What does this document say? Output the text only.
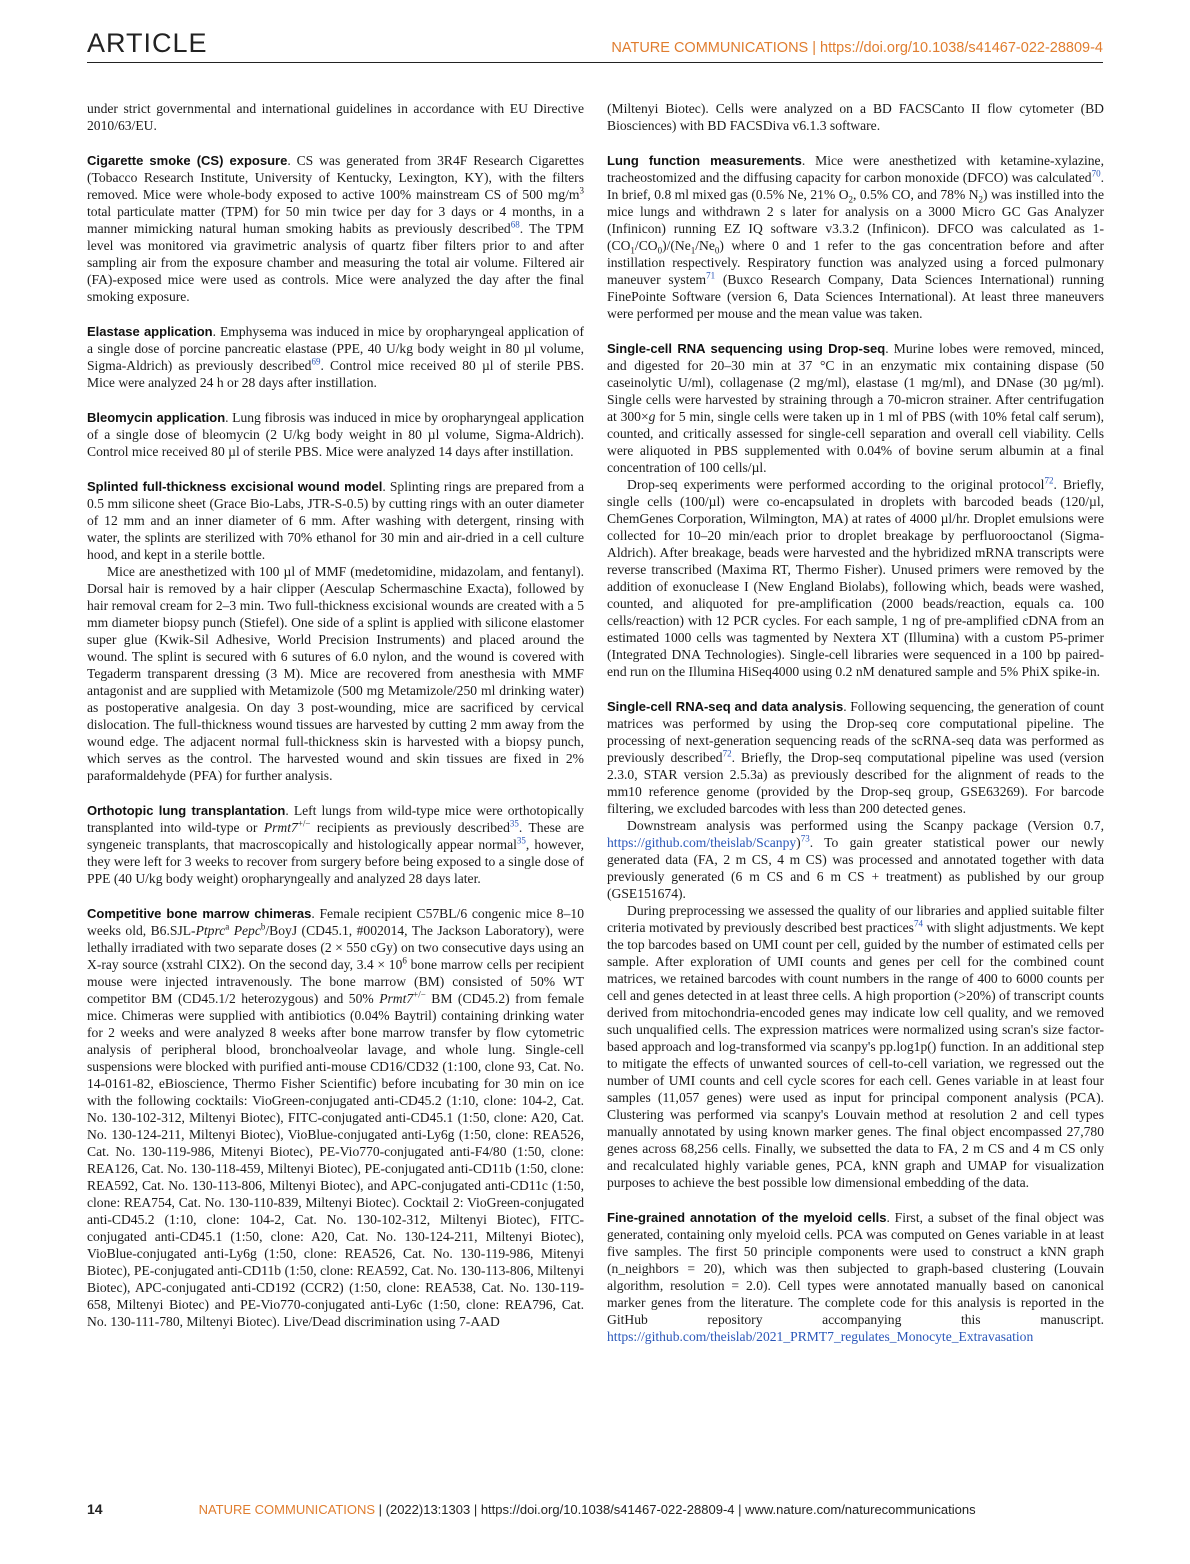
ARTICLE	NATURE COMMUNICATIONS | https://doi.org/10.1038/s41467-022-28809-4

under strict governmental and international guidelines in accordance with EU Directive 2010/63/EU.

Cigarette smoke (CS) exposure. CS was generated from 3R4F Research Cigarettes (Tobacco Research Institute, University of Kentucky, Lexington, KY), with the filters removed. Mice were whole-body exposed to active 100% mainstream CS of 500 $mg/m^3$ total particulate matter (TPM) for 50 min twice per day for 3 days or 4 months, in a manner mimicking natural human smoking habits as previously described$^{68}$. The TPM level was monitored via gravimetric analysis of quartz fiber filters prior to and after sampling air from the exposure chamber and measuring the total air volume. Filtered air (FA)-exposed mice were used as controls. Mice were analyzed the day after the final smoking exposure.

Elastase application. Emphysema was induced in mice by oropharyngeal application of a single dose of porcine pancreatic elastase (PPE, 40 U/kg body weight in 80 µl volume, Sigma-Aldrich) as previously described$^{69}$. Control mice received 80 µl of sterile PBS. Mice were analyzed 24 h or 28 days after instillation.

Bleomycin application. Lung fibrosis was induced in mice by oropharyngeal application of a single dose of bleomycin (2 U/kg body weight in 80 µl volume, Sigma-Aldrich). Control mice received 80 µl of sterile PBS. Mice were analyzed 14 days after instillation.

Splinted full-thickness excisional wound model. Splinting rings are prepared from a 0.5 mm silicone sheet (Grace Bio-Labs, JTR-S-0.5) by cutting rings with an outer diameter of 12 mm and an inner diameter of 6 mm. After washing with detergent, rinsing with water, the splints are sterilized with 70% ethanol for 30 min and air-dried in a cell culture hood, and kept in a sterile bottle.

Mice are anesthetized with 100 µl of MMF (medetomidine, midazolam, and fentanyl). Dorsal hair is removed by a hair clipper (Aesculap Schermaschine Exacta), followed by hair removal cream for 2–3 min. Two full-thickness excisional wounds are created with a 5 mm diameter biopsy punch (Stiefel). One side of a splint is applied with silicone elastomer super glue (Kwik-Sil Adhesive, World Precision Instruments) and placed around the wound. The splint is secured with 6 sutures of 6.0 nylon, and the wound is covered with Tegaderm transparent dressing (3 M). Mice are recovered from anesthesia with MMF antagonist and are supplied with Metamizole (500 mg Metamizole/250 ml drinking water) as postoperative analgesia. On day 3 post-wounding, mice are sacrificed by cervical dislocation. The full-thickness wound tissues are harvested by cutting 2 mm away from the wound edge. The adjacent normal full-thickness skin is harvested with a biopsy punch, which serves as the control. The harvested wound and skin tissues are fixed in 2% paraformaldehyde (PFA) for further analysis.

Orthotopic lung transplantation. Left lungs from wild-type mice were orthotopically transplanted into wild-type or Prmt7+/− recipients as previously described$^{35}$. These are syngeneic transplants, that macroscopically and histologically appear normal$^{35}$, however, they were left for 3 weeks to recover from surgery before being exposed to a single dose of PPE (40 U/kg body weight) oropharyngeally and analyzed 28 days later.

Competitive bone marrow chimeras. Female recipient C57BL/6 congenic mice 8–10 weeks old, B6.SJL-Ptprc$^a$ Pepc$^b$/BoyJ (CD45.1, #002014, The Jackson Laboratory), were lethally irradiated with two separate doses (2 × 550 cGy) on two consecutive days using an X-ray source (xstrahl CIX2). On the second day, $3.4 \times 10^6$ bone marrow cells per recipient mouse were injected intravenously. The bone marrow (BM) consisted of 50% WT competitor BM (CD45.1/2 heterozygous) and 50% Prmt7+/− BM (CD45.2) from female mice. Chimeras were supplied with antibiotics (0.04% Baytril) containing drinking water for 2 weeks and were analyzed 8 weeks after bone marrow transfer by flow cytometric analysis of peripheral blood, bronchoalveolar lavage, and whole lung. Single-cell suspensions were blocked with purified anti-mouse CD16/CD32 (1:100, clone 93, Cat. No. 14-0161-82, eBioscience, Thermo Fisher Scientific) before incubating for 30 min on ice with the following cocktails: VioGreen-conjugated anti-CD45.2 (1:10, clone: 104-2, Cat. No. 130-102-312, Miltenyi Biotec), FITC-conjugated anti-CD45.1 (1:50, clone: A20, Cat. No. 130-124-211, Miltenyi Biotec), VioBlue-conjugated anti-Ly6g (1:50, clone: REA526, Cat. No. 130-119-986, Mitenyi Biotec), PE-Vio770-conjugated anti-F4/80 (1:50, clone: REA126, Cat. No. 130-118-459, Miltenyi Biotec), PE-conjugated anti-CD11b (1:50, clone: REA592, Cat. No. 130-113-806, Miltenyi Biotec), and APC-conjugated anti-CD11c (1:50, clone: REA754, Cat. No. 130-110-839, Miltenyi Biotec). Cocktail 2: VioGreen-conjugated anti-CD45.2 (1:10, clone: 104-2, Cat. No. 130-102-312, Miltenyi Biotec), FITC-conjugated anti-CD45.1 (1:50, clone: A20, Cat. No. 130-124-211, Miltenyi Biotec), VioBlue-conjugated anti-Ly6g (1:50, clone: REA526, Cat. No. 130-119-986, Mitenyi Biotec), PE-conjugated anti-CD11b (1:50, clone: REA592, Cat. No. 130-113-806, Miltenyi Biotec), APC-conjugated anti-CD192 (CCR2) (1:50, clone: REA538, Cat. No. 130-119-658, Miltenyi Biotec) and PE-Vio770-conjugated anti-Ly6c (1:50, clone: REA796, Cat. No. 130-111-780, Miltenyi Biotec). Live/Dead discrimination using 7-AAD

(Miltenyi Biotec). Cells were analyzed on a BD FACSCanto II flow cytometer (BD Biosciences) with BD FACSDiva v6.1.3 software.

Lung function measurements. Mice were anesthetized with ketamine-xylazine, tracheostomized and the diffusing capacity for carbon monoxide (DFCO) was calculated$^{70}$. In brief, 0.8 ml mixed gas (0.5% Ne, 21% $O_2$, 0.5% CO, and 78% $N_2$) was instilled into the mice lungs and withdrawn 2 s later for analysis on a 3000 Micro GC Gas Analyzer (Infinicon) running EZ IQ software v3.3.2 (Infinicon). DFCO was calculated as $1-(CO_1/CO_0)/(Ne_1/Ne_0)$ where 0 and 1 refer to the gas concentration before and after instillation respectively. Respiratory function was analyzed using a forced pulmonary maneuver system$^{71}$ (Buxco Research Company, Data Sciences International) running FinePointe Software (version 6, Data Sciences International). At least three maneuvers were performed per mouse and the mean value was taken.

Single-cell RNA sequencing using Drop-seq. Murine lobes were removed, minced, and digested for 20–30 min at 37 °C in an enzymatic mix containing dispase (50 caseinolytic U/ml), collagenase (2 mg/ml), elastase (1 mg/ml), and DNase (30 µg/ml). Single cells were harvested by straining through a 70-micron strainer. After centrifugation at 300×g for 5 min, single cells were taken up in 1 ml of PBS (with 10% fetal calf serum), counted, and critically assessed for single-cell separation and overall cell viability. Cells were aliquoted in PBS supplemented with 0.04% of bovine serum albumin at a final concentration of 100 cells/µl.

Drop-seq experiments were performed according to the original protocol$^{72}$. Briefly, single cells (100/µl) were co-encapsulated in droplets with barcoded beads (120/µl, ChemGenes Corporation, Wilmington, MA) at rates of 4000 µl/hr. Droplet emulsions were collected for 10–20 min/each prior to droplet breakage by perfluorooctanol (Sigma-Aldrich). After breakage, beads were harvested and the hybridized mRNA transcripts were reverse transcribed (Maxima RT, Thermo Fisher). Unused primers were removed by the addition of exonuclease I (New England Biolabs), following which, beads were washed, counted, and aliquoted for pre-amplification (2000 beads/reaction, equals ca. 100 cells/reaction) with 12 PCR cycles. For each sample, 1 ng of pre-amplified cDNA from an estimated 1000 cells was tagmented by Nextera XT (Illumina) with a custom P5-primer (Integrated DNA Technologies). Single-cell libraries were sequenced in a 100 bp paired-end run on the Illumina HiSeq4000 using 0.2 nM denatured sample and 5% PhiX spike-in.

Single-cell RNA-seq and data analysis. Following sequencing, the generation of count matrices was performed by using the Drop-seq core computational pipeline. The processing of next-generation sequencing reads of the scRNA-seq data was performed as previously described$^{72}$. Briefly, the Drop-seq computational pipeline was used (version 2.3.0, STAR version 2.5.3a) as previously described for the alignment of reads to the mm10 reference genome (provided by the Drop-seq group, GSE63269). For barcode filtering, we excluded barcodes with less than 200 detected genes.

Downstream analysis was performed using the Scanpy package (Version 0.7, https://github.com/theislab/Scanpy)$^{73}$. To gain greater statistical power our newly generated data (FA, 2 m CS, 4 m CS) was processed and annotated together with data previously generated (6 m CS and 6 m CS + treatment) as published by our group (GSE151674).

During preprocessing we assessed the quality of our libraries and applied suitable filter criteria motivated by previously described best practices$^{74}$ with slight adjustments. We kept the top barcodes based on UMI count per cell, guided by the number of estimated cells per sample. After exploration of UMI counts and genes per cell for the combined count matrices, we retained barcodes with count numbers in the range of 400 to 6000 counts per cell and genes detected in at least three cells. A high proportion (>20%) of transcript counts derived from mitochondria-encoded genes may indicate low cell quality, and we removed such unqualified cells. The expression matrices were normalized using scran's size factor-based approach and log-transformed via scanpy's pp.log1p() function. In an additional step to mitigate the effects of unwanted sources of cell-to-cell variation, we regressed out the number of UMI counts and cell cycle scores for each cell. Genes variable in at least four samples (11,057 genes) were used as input for principal component analysis (PCA). Clustering was performed via scanpy's Louvain method at resolution 2 and cell types manually annotated by using known marker genes. The final object encompassed 27,780 genes across 68,256 cells. Finally, we subsetted the data to FA, 2 m CS and 4 m CS only and recalculated highly variable genes, PCA, kNN graph and UMAP for visualization purposes to achieve the best possible low dimensional embedding of the data.

Fine-grained annotation of the myeloid cells. First, a subset of the final object was generated, containing only myeloid cells. PCA was computed on Genes variable in at least five samples. The first 50 principle components were used to construct a kNN graph (n_neighbors = 20), which was then subjected to graph-based clustering (Louvain algorithm, resolution = 2.0). Cell types were annotated manually based on canonical marker genes from the literature. The complete code for this analysis is reported in the GitHub repository accompanying this manuscript. https://github.com/theislab/2021_PRMT7_regulates_Monocyte_Extravasation

14	NATURE COMMUNICATIONS | (2022)13:1303 | https://doi.org/10.1038/s41467-022-28809-4 | www.nature.com/naturecommunications
